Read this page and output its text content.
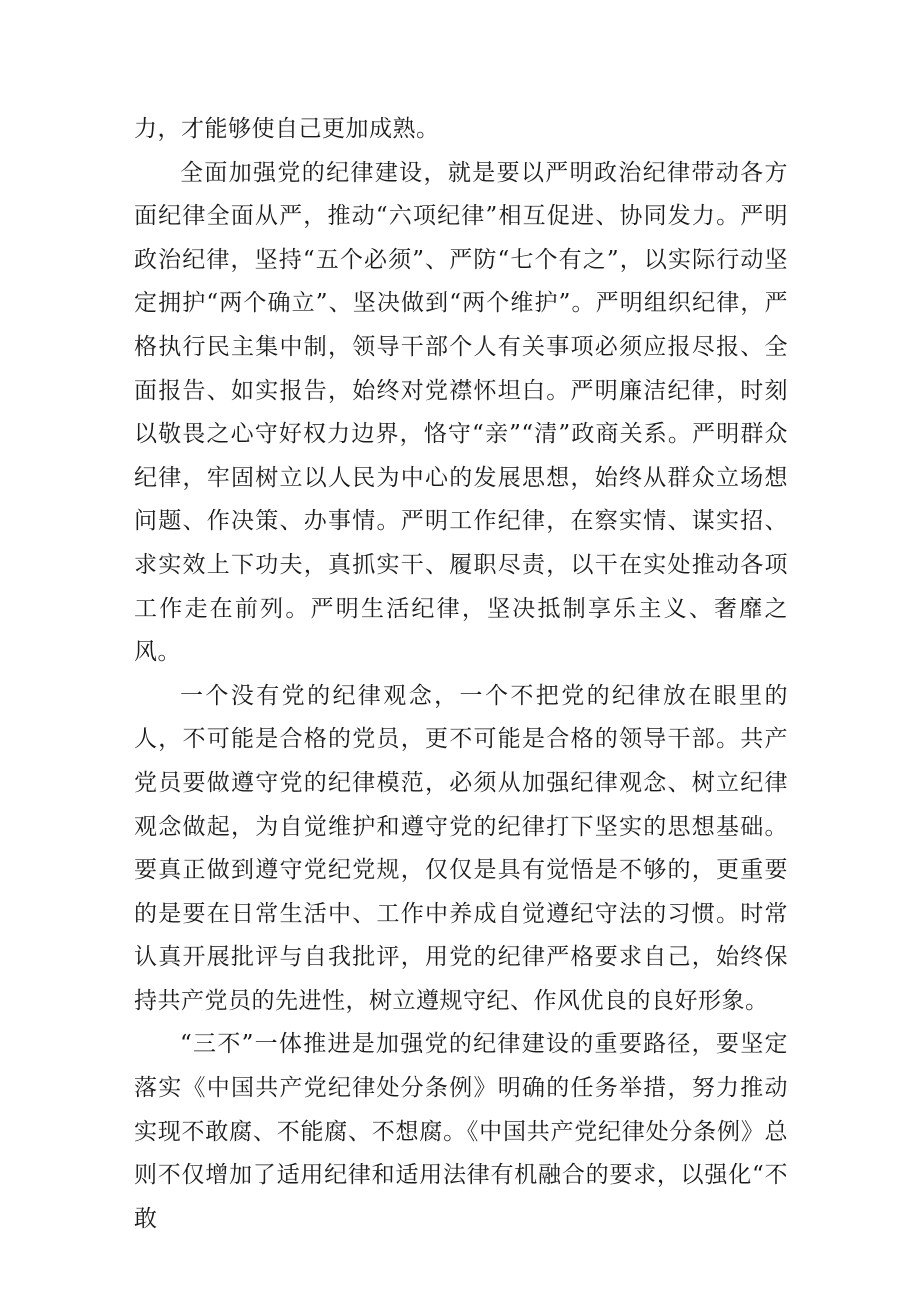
力，才能够使自己更加成熟。

全面加强党的纪律建设，就是要以严明政治纪律带动各方面纪律全面从严，推动“六项纪律”相互促进、协同发力。严明政治纪律，坚持“五个必须”、严防“七个有之”，以实际行动坚定拥护“两个确立”、坚决做到“两个维护”。严明组织纪律，严格执行民主集中制，领导干部个人有关事项必须应报尽报、全面报告、如实报告，始终对党襟怀坦白。严明廉洁纪律，时刻以敬畏之心守好权力边界，恪守“亲”“清”政商关系。严明群众纪律，牢固树立以人民为中心的发展思想，始终从群众立场想问题、作决策、办事情。严明工作纪律，在察实情、谋实招、求实效上下功夫，真抓实干、履职尽责，以干在实处推动各项工作走在前列。严明生活纪律，坚决抵制享乐主义、奢靡之风。

一个没有党的纪律观念，一个不把党的纪律放在眼里的人，不可能是合格的党员，更不可能是合格的领导干部。共产党员要做遵守党的纪律模范，必须从加强纪律观念、树立纪律观念做起，为自觉维护和遵守党的纪律打下坚实的思想基础。要真正做到遵守党纪党规，仅仅是具有觉悟是不够的，更重要的是要在日常生活中、工作中养成自觉遵纪守法的习惯。时常认真开展批评与自我批评，用党的纪律严格要求自己，始终保持共产党员的先进性，树立遵规守纪、作风优良的良好形象。

“三不”一体推进是加强党的纪律建设的重要路径，要坚定落实《中国共产党纪律处分条例》明确的任务举措，努力推动实现不敢腐、不能腐、不想腐。《中国共产党纪律处分条例》总则不仅增加了适用纪律和适用法律有机融合的要求，以强化“不敢
